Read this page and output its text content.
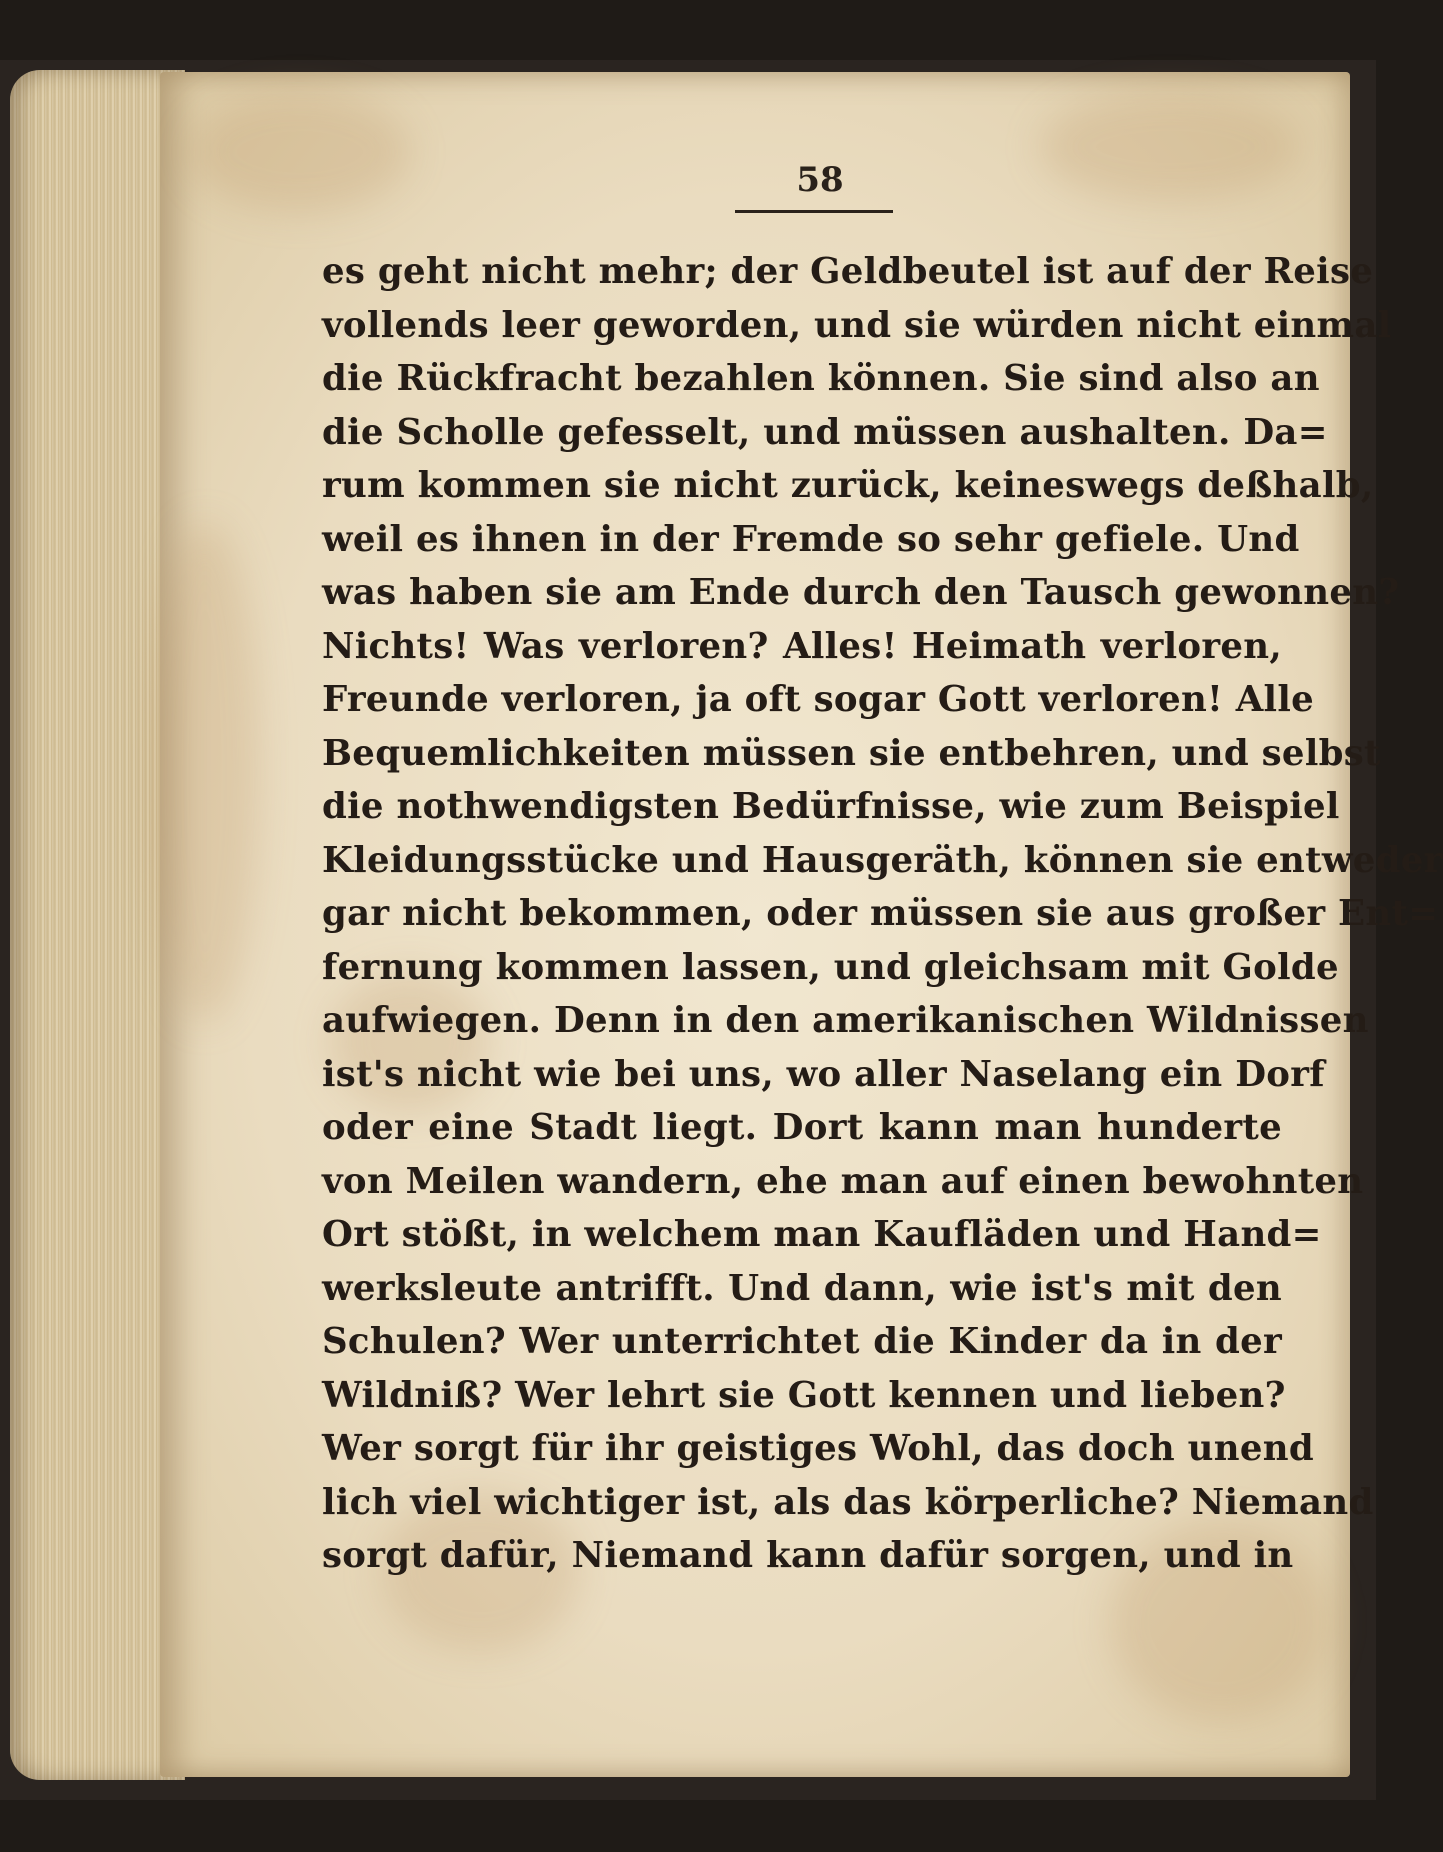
58
es geht nicht mehr; der Geldbeutel ist auf der Reise
vollends leer geworden, und sie würden nicht einmal
die Rückfracht bezahlen können. Sie sind also an
die Scholle gefesselt, und müssen aushalten. Da=
rum kommen sie nicht zurück, keineswegs deßhalb,
weil es ihnen in der Fremde so sehr gefiele. Und
was haben sie am Ende durch den Tausch gewonnen?
Nichts! Was verloren? Alles! Heimath verloren,
Freunde verloren, ja oft sogar Gott verloren! Alle
Bequemlichkeiten müssen sie entbehren, und selbst
die nothwendigsten Bedürfnisse, wie zum Beispiel
Kleidungsstücke und Hausgeräth, können sie entweder
gar nicht bekommen, oder müssen sie aus großer Ent=
fernung kommen lassen, und gleichsam mit Golde
aufwiegen. Denn in den amerikanischen Wildnissen
ist's nicht wie bei uns, wo aller Naselang ein Dorf
oder eine Stadt liegt. Dort kann man hunderte
von Meilen wandern, ehe man auf einen bewohnten
Ort stößt, in welchem man Kaufläden und Hand=
werksleute antrifft. Und dann, wie ist's mit den
Schulen? Wer unterrichtet die Kinder da in der
Wildniß? Wer lehrt sie Gott kennen und lieben?
Wer sorgt für ihr geistiges Wohl, das doch unend
lich viel wichtiger ist, als das körperliche? Niemand
sorgt dafür, Niemand kann dafür sorgen, und in
